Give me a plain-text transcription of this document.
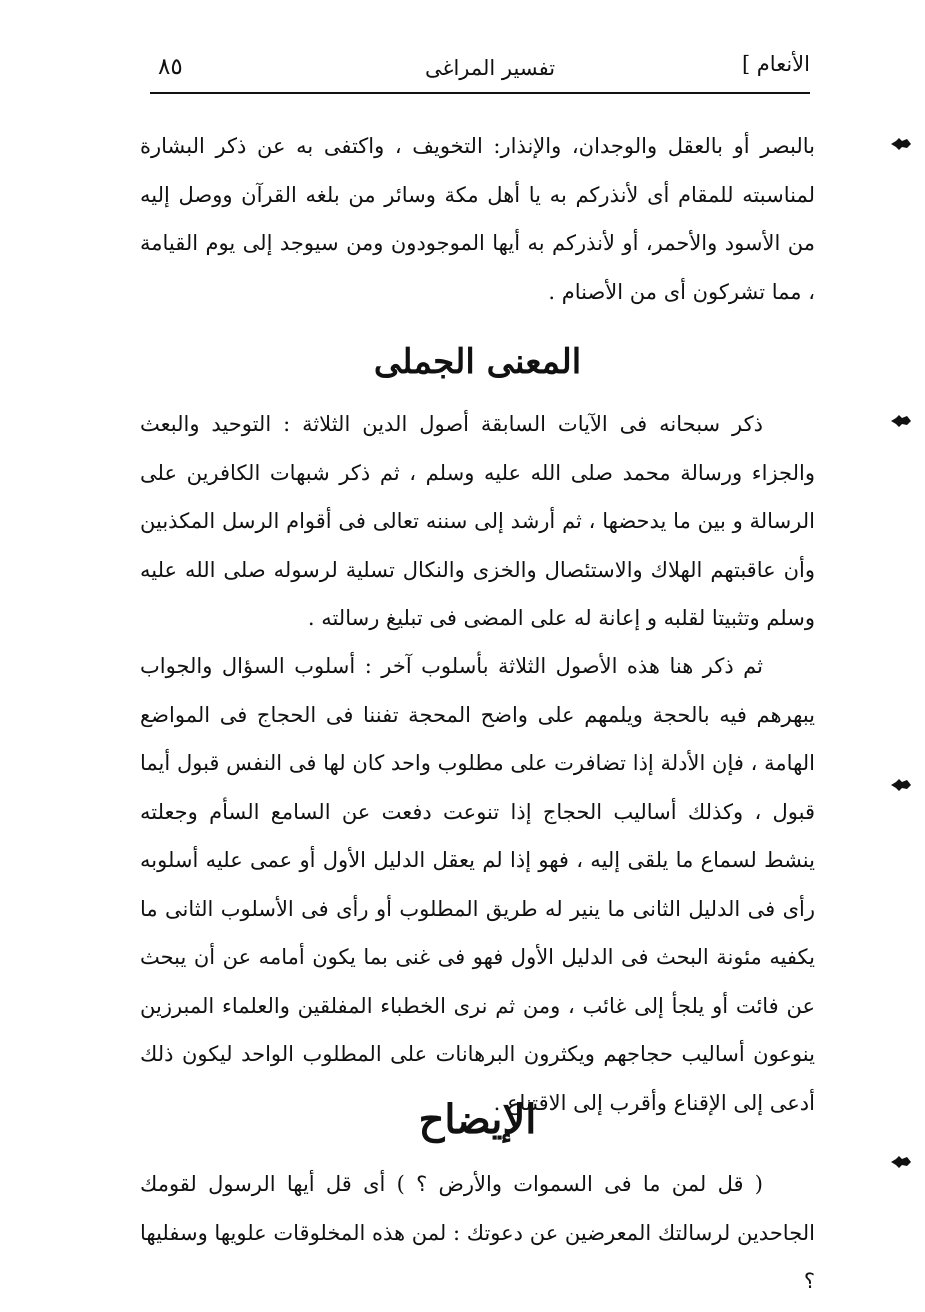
٨٥	تفسير المراغى	الأنعام ]

بالبصر أو بالعقل والوجدان، والإنذار: التخويف ، واكتفى به عن ذكر البشارة لمناسبته للمقام أى لأنذركم به يا أهل مكة وسائر من بلغه القرآن ووصل إليه من الأسود والأحمر، أو لأنذركم به أيها الموجودون ومن سيوجد إلى يوم القيامة ، مما تشركون أى من الأصنام .

المعنى الجملى

ذكر سبحانه فى الآيات السابقة أصول الدين الثلاثة : التوحيد والبعث والجزاء ورسالة محمد صلى الله عليه وسلم ، ثم ذكر شبهات الكافرين على الرسالة و بين ما يدحضها ، ثم أرشد إلى سننه تعالى فى أقوام الرسل المكذبين وأن عاقبتهم الهلاك والاستئصال والخزى والنكال تسلية لرسوله صلى الله عليه وسلم وتثبيتا لقلبه و إعانة له على المضى فى تبليغ رسالته .

ثم ذكر هنا هذه الأصول الثلاثة بأسلوب آخر : أسلوب السؤال والجواب يبهرهم فيه بالحجة ويلمهم على واضح المحجة تفننا فى الحجاج فى المواضع الهامة ، فإن الأدلة إذا تضافرت على مطلوب واحد كان لها فى النفس قبول أيما قبول ، وكذلك أساليب الحجاج إذا تنوعت دفعت عن السامع السأم وجعلته ينشط لسماع ما يلقى إليه ، فهو إذا لم يعقل الدليل الأول أو عمى عليه أسلوبه رأى فى الدليل الثانى ما ينير له طريق المطلوب أو رأى فى الأسلوب الثانى ما يكفيه مئونة البحث فى الدليل الأول فهو فى غنى بما يكون أمامه عن أن يبحث عن فائت أو يلجأ إلى غائب ، ومن ثم نرى الخطباء المفلقين والعلماء المبرزين ينوعون أساليب حجاجهم ويكثرون البرهانات على المطلوب الواحد ليكون ذلك أدعى إلى الإقناع وأقرب إلى الاقتناع .

الإيضاح

( قل لمن ما فى السموات والأرض ؟ ) أى قل أيها الرسول لقومك الجاحدين لرسالتك المعرضين عن دعوتك : لمن هذه المخلوقات علويها وسفليها ؟
